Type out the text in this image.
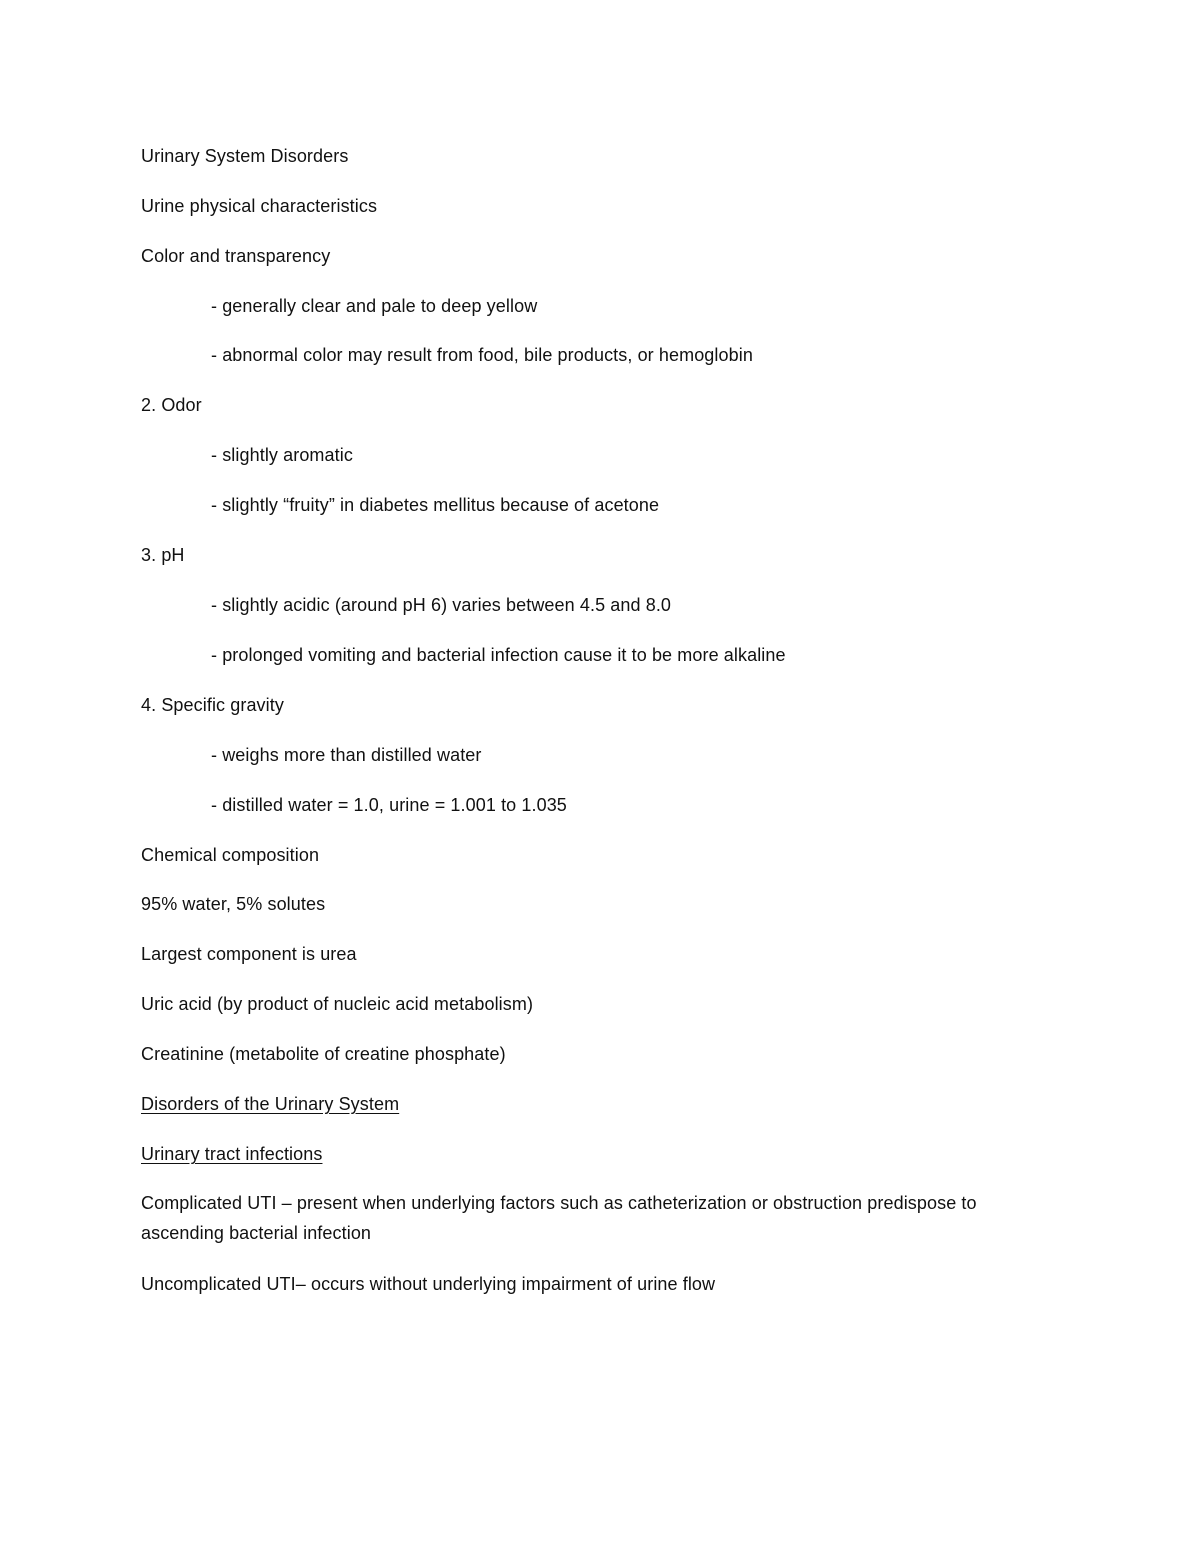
Urinary System Disorders
Urine physical characteristics
Color and transparency
- generally clear and pale to deep yellow
- abnormal color may result from food, bile products, or hemoglobin
2. Odor
- slightly aromatic
- slightly “fruity” in diabetes mellitus because of acetone
3. pH
- slightly acidic (around pH 6) varies between 4.5 and 8.0
- prolonged vomiting and bacterial infection cause it to be more alkaline
4. Specific gravity
- weighs more than distilled water
- distilled water = 1.0, urine = 1.001 to 1.035
Chemical composition
95% water, 5% solutes
Largest component is urea
Uric acid (by product of nucleic acid metabolism)
Creatinine (metabolite of creatine phosphate)
Disorders of the Urinary System
Urinary tract infections
Complicated UTI – present when underlying factors such as catheterization or obstruction predispose to ascending bacterial infection
Uncomplicated UTI– occurs without underlying impairment of urine flow
